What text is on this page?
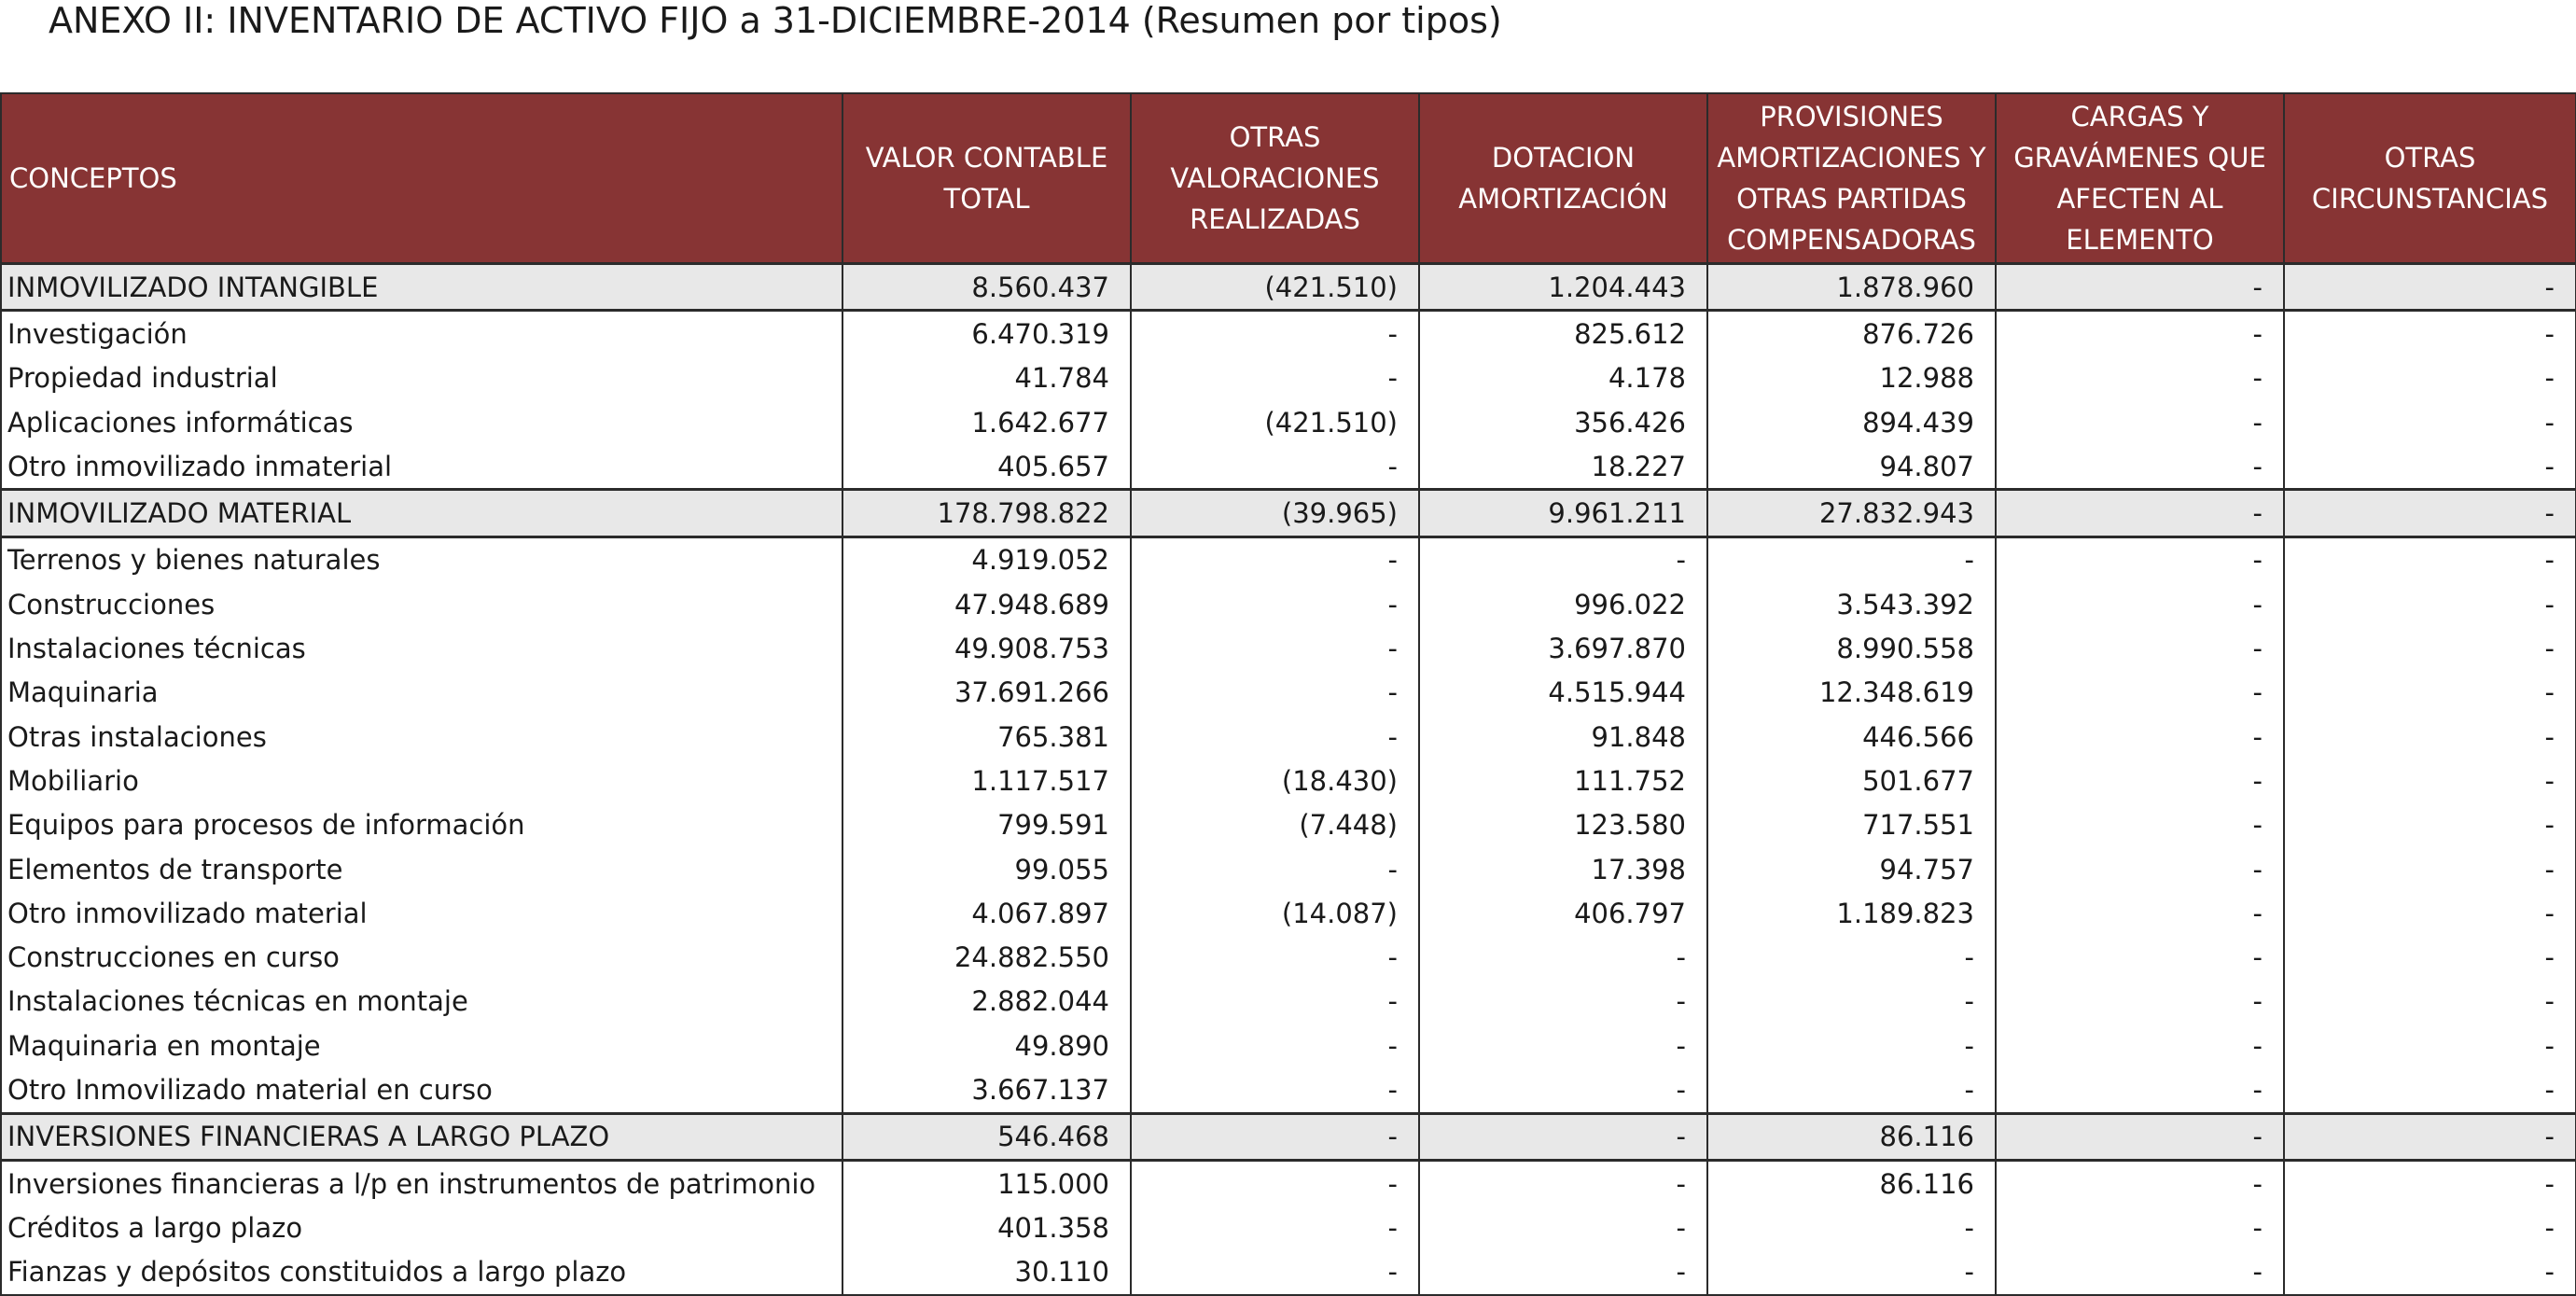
ANEXO II: INVENTARIO DE ACTIVO FIJO a 31-DICIEMBRE-2014 (Resumen por tipos)
CONCEPTOS	VALOR CONTABLE TOTAL	OTRAS VALORACIONES REALIZADAS	DOTACION AMORTIZACIÓN	PROVISIONES AMORTIZACIONES Y OTRAS PARTIDAS COMPENSADORAS	CARGAS Y GRAVÁMENES QUE AFECTEN AL ELEMENTO	OTRAS CIRCUNSTANCIAS
INMOVILIZADO INTANGIBLE	8.560.437	(421.510)	1.204.443	1.878.960	-	-
Investigación	6.470.319	-	825.612	876.726	-	-
Propiedad industrial	41.784	-	4.178	12.988	-	-
Aplicaciones informáticas	1.642.677	(421.510)	356.426	894.439	-	-
Otro inmovilizado inmaterial	405.657	-	18.227	94.807	-	-
INMOVILIZADO MATERIAL	178.798.822	(39.965)	9.961.211	27.832.943	-	-
Terrenos y bienes naturales	4.919.052	-	-	-	-	-
Construcciones	47.948.689	-	996.022	3.543.392	-	-
Instalaciones técnicas	49.908.753	-	3.697.870	8.990.558	-	-
Maquinaria	37.691.266	-	4.515.944	12.348.619	-	-
Otras instalaciones	765.381	-	91.848	446.566	-	-
Mobiliario	1.117.517	(18.430)	111.752	501.677	-	-
Equipos para procesos de información	799.591	(7.448)	123.580	717.551	-	-
Elementos de transporte	99.055	-	17.398	94.757	-	-
Otro inmovilizado material	4.067.897	(14.087)	406.797	1.189.823	-	-
Construcciones en curso	24.882.550	-	-	-	-	-
Instalaciones técnicas en montaje	2.882.044	-	-	-	-	-
Maquinaria en montaje	49.890	-	-	-	-	-
Otro Inmovilizado material en curso	3.667.137	-	-	-	-	-
INVERSIONES FINANCIERAS A LARGO PLAZO	546.468	-	-	86.116	-	-
Inversiones financieras a l/p en instrumentos de patrimonio	115.000	-	-	86.116	-	-
Créditos a largo plazo	401.358	-	-	-	-	-
Fianzas y depósitos constituidos a largo plazo	30.110	-	-	-	-	-
